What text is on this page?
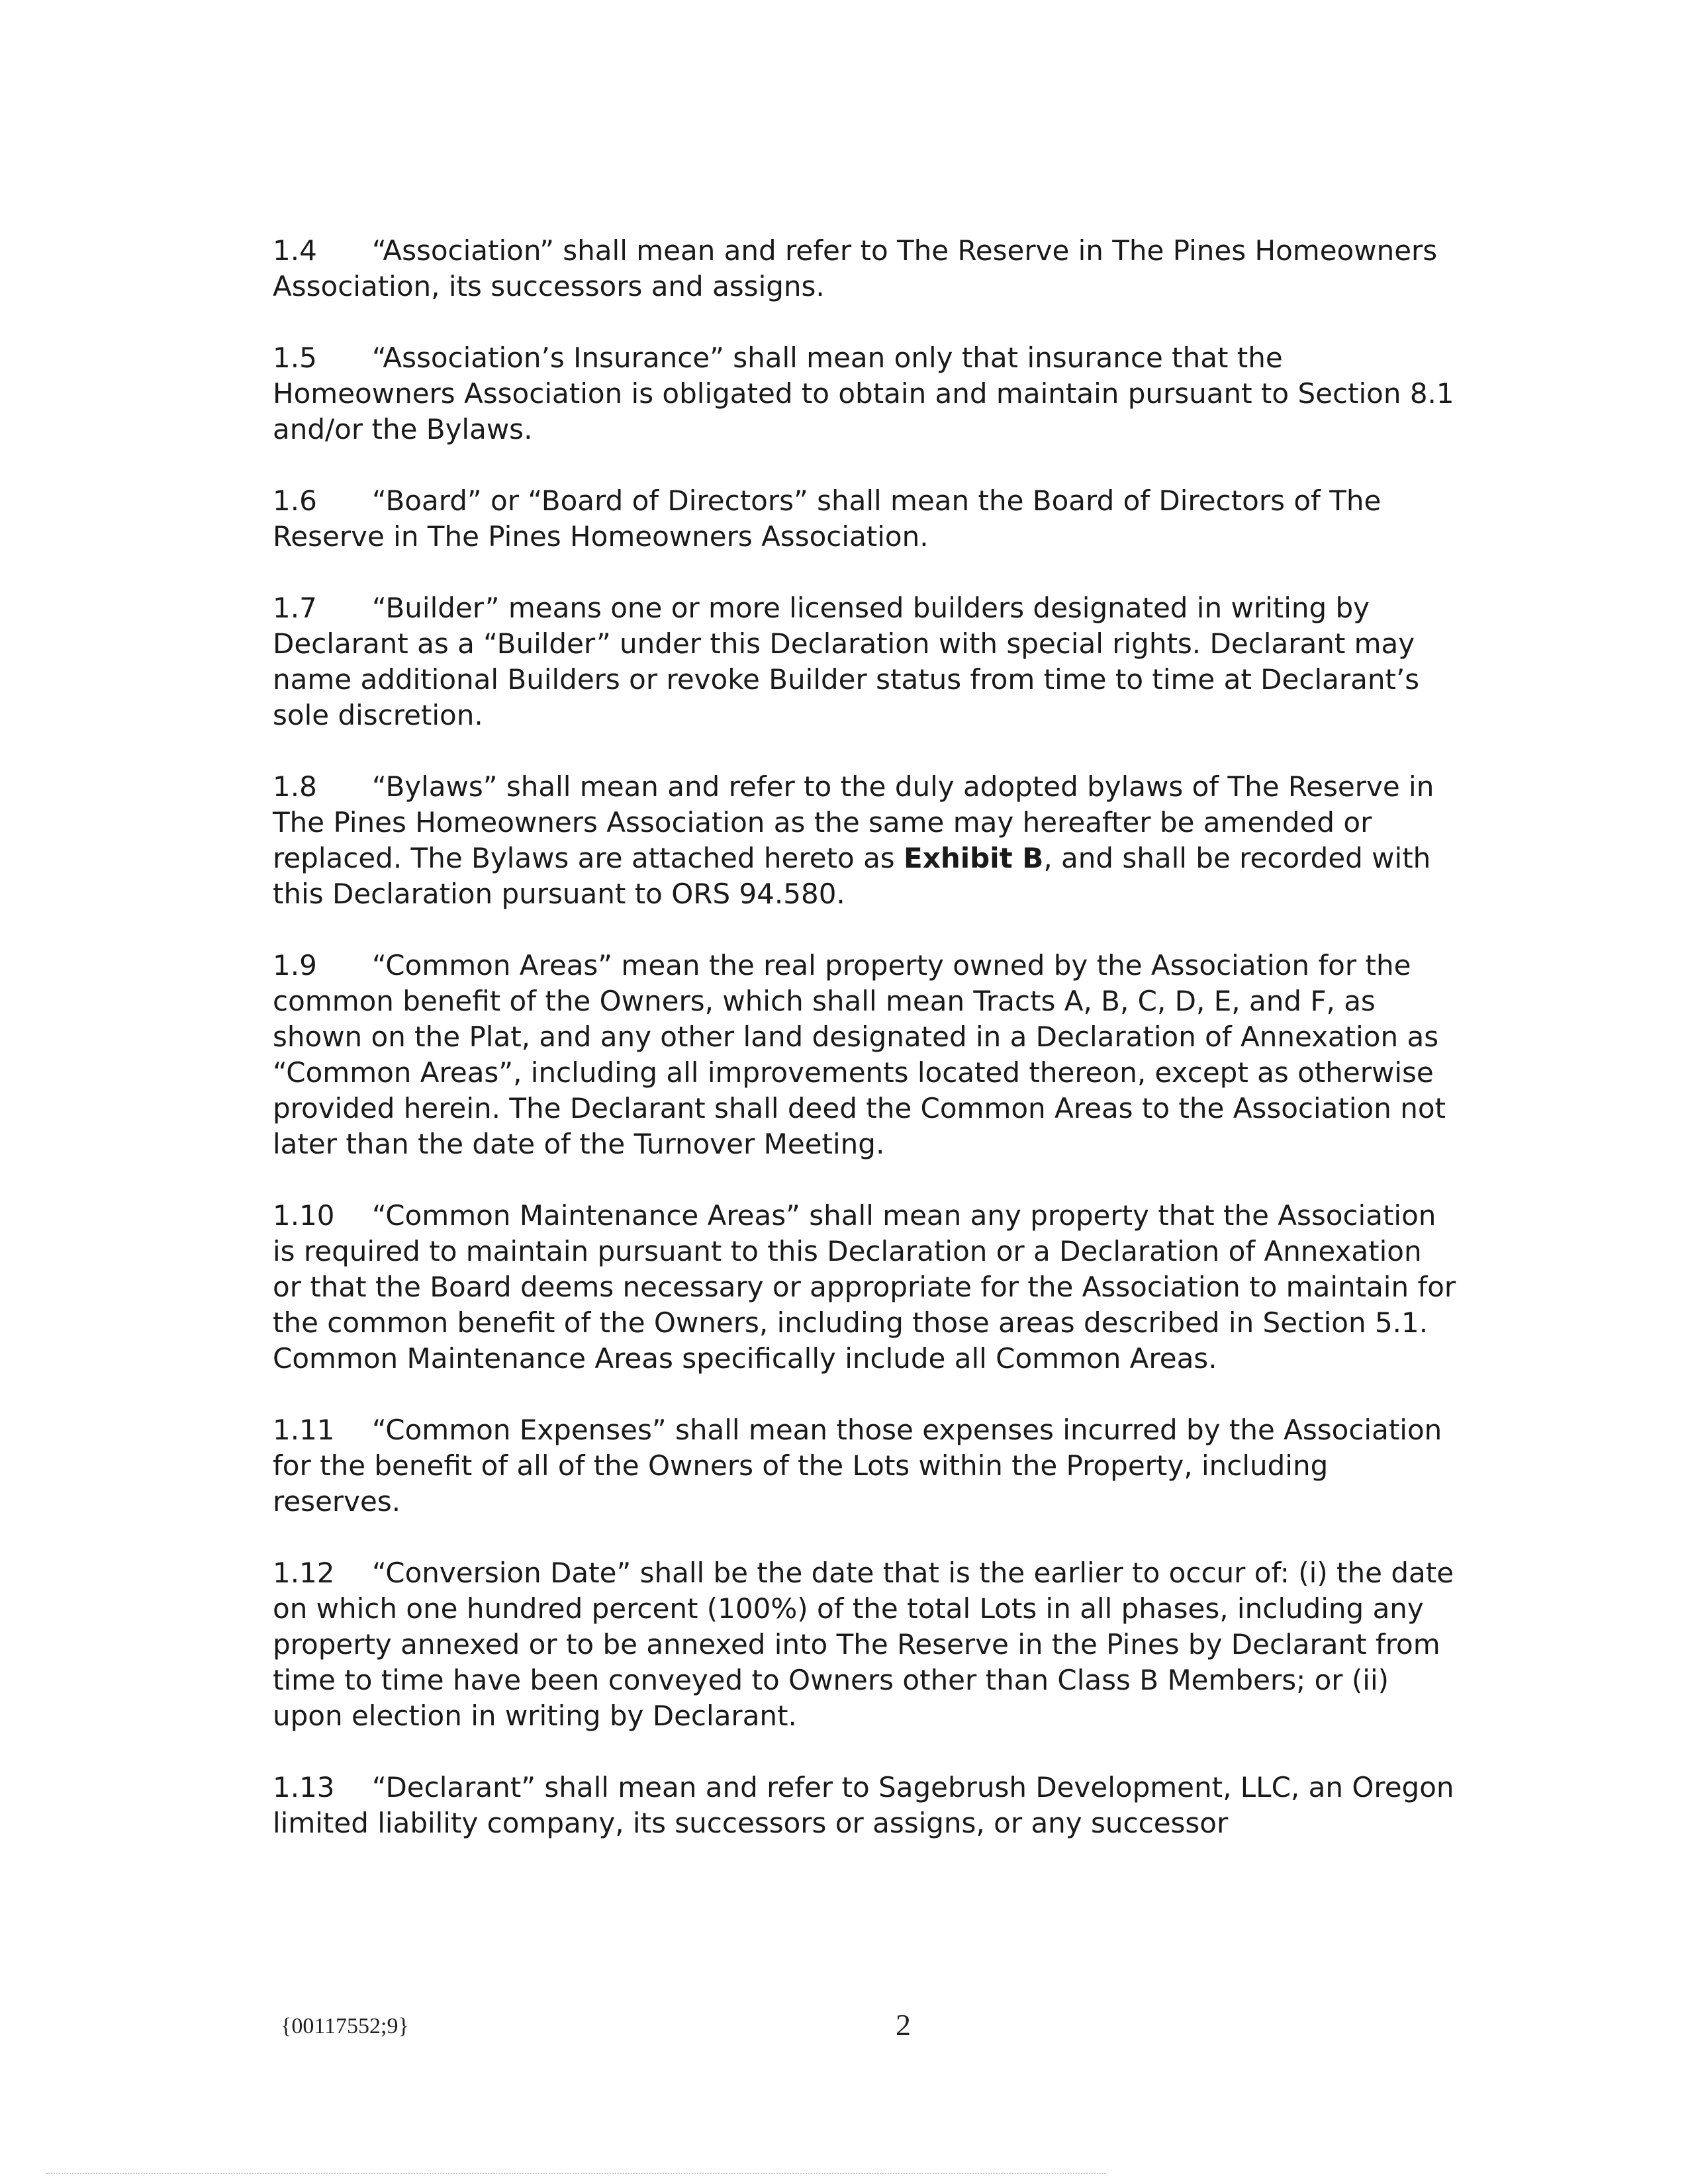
1.4 “Association” shall mean and refer to The Reserve in The Pines Homeowners Association, its successors and assigns.

1.5 “Association’s Insurance” shall mean only that insurance that the Homeowners Association is obligated to obtain and maintain pursuant to Section 8.1 and/or the Bylaws.

1.6 “Board” or “Board of Directors” shall mean the Board of Directors of The Reserve in The Pines Homeowners Association.

1.7 “Builder” means one or more licensed builders designated in writing by Declarant as a “Builder” under this Declaration with special rights. Declarant may name additional Builders or revoke Builder status from time to time at Declarant’s sole discretion.

1.8 “Bylaws” shall mean and refer to the duly adopted bylaws of The Reserve in The Pines Homeowners Association as the same may hereafter be amended or replaced. The Bylaws are attached hereto as Exhibit B, and shall be recorded with this Declaration pursuant to ORS 94.580.

1.9 “Common Areas” mean the real property owned by the Association for the common benefit of the Owners, which shall mean Tracts A, B, C, D, E, and F, as shown on the Plat, and any other land designated in a Declaration of Annexation as “Common Areas”, including all improvements located thereon, except as otherwise provided herein. The Declarant shall deed the Common Areas to the Association not later than the date of the Turnover Meeting.

1.10 “Common Maintenance Areas” shall mean any property that the Association is required to maintain pursuant to this Declaration or a Declaration of Annexation or that the Board deems necessary or appropriate for the Association to maintain for the common benefit of the Owners, including those areas described in Section 5.1. Common Maintenance Areas specifically include all Common Areas.

1.11 “Common Expenses” shall mean those expenses incurred by the Association for the benefit of all of the Owners of the Lots within the Property, including reserves.

1.12 “Conversion Date” shall be the date that is the earlier to occur of: (i) the date on which one hundred percent (100%) of the total Lots in all phases, including any property annexed or to be annexed into The Reserve in the Pines by Declarant from time to time have been conveyed to Owners other than Class B Members; or (ii) upon election in writing by Declarant.

1.13 “Declarant” shall mean and refer to Sagebrush Development, LLC, an Oregon limited liability company, its successors or assigns, or any successor

{00117552;9}	2
